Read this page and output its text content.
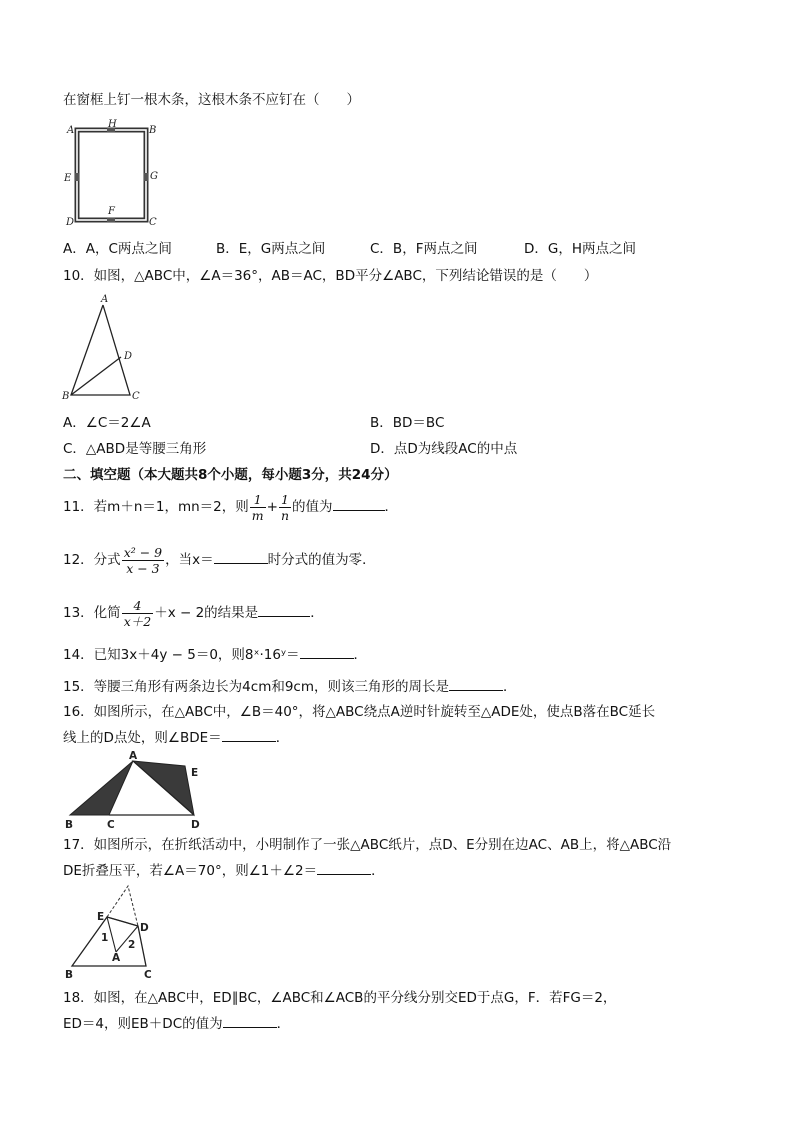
在窗框上钉一根木条，这根木条不应钉在（　　）
A
H
B
E	G
D
F
C
A．A，C两点之间	B．E，G两点之间	C．B，F两点之间	D．G，H两点之间
10．如图，△ABC中，∠A＝36°，AB＝AC，BD平分∠ABC，下列结论错误的是（　　）
A
D
B	C
A．∠C＝2∠A	B．BD＝BC
C．△ABD是等腰三角形	D．点D为线段AC的中点
二、填空题（本大题共8个小题，每小题3分，共24分）
11．若m＋n＝1，mn＝2，则 $\frac{1}{m} + \frac{1}{n}$ 的值为	．
12．分式 $\frac{\text{x² − 9}}{x - 3}$ ，当x＝	时分式的值为零．
13．化简 $\frac{4}{x+2} +x - 2$的结果是	．
14．已知3x＋4y − 5＝0，则8ˣ·16ʸ＝	．
15．等腰三角形有两条边长为4cm和9cm，则该三角形的周长是	．
16．如图所示，在△ABC中，∠B＝40°，将△ABC绕点A逆时针旋转至△ADE处，使点B落在BC延长
线上的D点处，则∠BDE＝	．
A
E
B	C	D
17．如图所示，在折纸活动中，小明制作了一张△ABC纸片，点D、E分别在边AC、AB上，将△ABC沿
DE折叠压平，若∠A＝70°，则∠1＋∠2＝	．
E
D
1
2
A
B	C
18．如图，在△ABC中，ED∥BC，∠ABC和∠ACB的平分线分别交ED于点G，F．若FG＝2，
ED＝4，则EB＋DC的值为	．
